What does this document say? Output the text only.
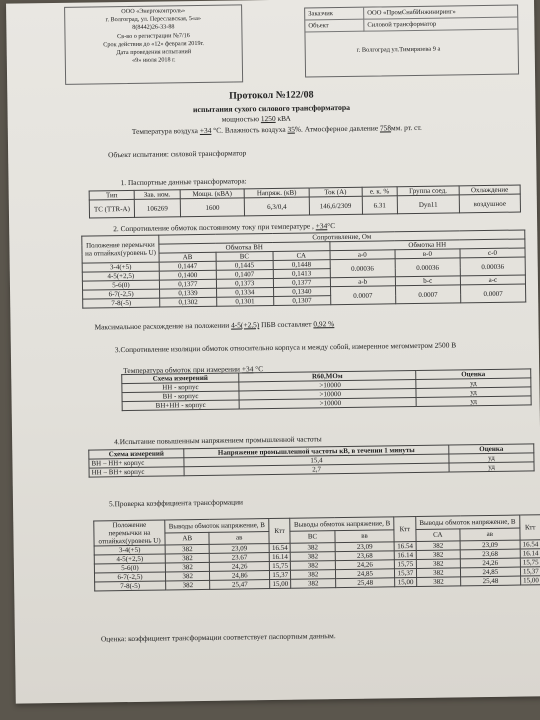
ООО «Энергоконтроль»
г. Волгоград, ул. Переславская, 5«а»
8(8442)26-33-88
Св-во о регистрации №7/16
Срок действия до «12» февраля 2019г.
Дата проведения испытаний
«9» июля 2018 г.
Заказчик	ООО «ПромСнабИнжиниринг»
Объект	Силовой трансформатор
г. Волгоград ул.Тимирязева 9 а
Протокол №122/08
испытания сухого силового трансформатора
мощностью 1250 кВА
Температура воздуха +34 °С. Влажность воздуха 35%. Атмосферное давление 758мм. рт. ст.
Объект испытания: силовой трансформатор
1. Паспортные данные трансформатора:
Тип	Зав. ном.	Мощн. (кВА)	Напряж. (кВ)	Ток (А)	е. к. %	Группа соед.	Охлаждение
ТС (TTR-A)	106269	1600	6,3/0,4	146,6/2309	6.31	Dyn11	воздушное
2. Сопротивление обмоток постоянному току при температуре , +34°С
Положение перемычки на отпайках(уровень U)	Сопротивление, Ом					
	Обмотка ВН			Обмотка НН		
	АВ	ВС	СА	а-0	в-0	с-0
3-4(+5)	0,1447	0,1445	0,1448	0.00036	0.00036	0.00036
4-5(+2,5)	0,1400	0,1407	0,1413			
5-6(0)	0,1377	0,1373	0,1377	а-b	b-c	a-c
6-7(-2,5)	0,1339	0,1334	0,1340	0.0007	0.0007	0.0007
7-8(-5)	0,1302	0,1301	0,1307			
Максимальное расхождение на положении 4-5(+2,5) ПБВ составляет 0,92 %
3.Сопротивление изоляции обмоток относительно корпуса и между собой, измеренное мегомметром 2500 В
Температура обмоток при измерении +34 °С
Схема измерений	R60,МОм	Оценка
НН - корпус	>10000	уд
ВН - корпус	>10000	уд
ВН+НН - корпус	>10000	уд
4.Испытание повышенным напряжением промышленной частоты
Схема измерений	Напряжение промышленной частоты кВ, в течении 1 минуты	Оценка
ВН – НН+ корпус	15,4	уд
НН – ВН+ корпус	2,7	уд
5.Проверка коэффициента трансформации
Положение перемычки на отпайках(уровень U)	Выводы обмоток напряжение, В		Ктт	Выводы обмоток напряжение, В		Ктт	Выводы обмоток напряжение, В		Ктт
	АВ	ав		ВС	вв		СА	ав	
3-4(+5)	382	23,09	16.54	382	23,09	16.54	382	23,09	16.54
4-5(+2,5)	382	23.67	16.14	382	23,68	16.14	382	23,68	16.14
5-6(0)	382	24,26	15,75	382	24,26	15,75	382	24,26	15,75
6-7(-2,5)	382	24,86	15,37	382	24,85	15,37	382	24,85	15,37
7-8(-5)	382	25,47	15,00	382	25,48	15,00	382	25,48	15,00
Оценка: коэффициент трансформации соответствует паспортным данным.
